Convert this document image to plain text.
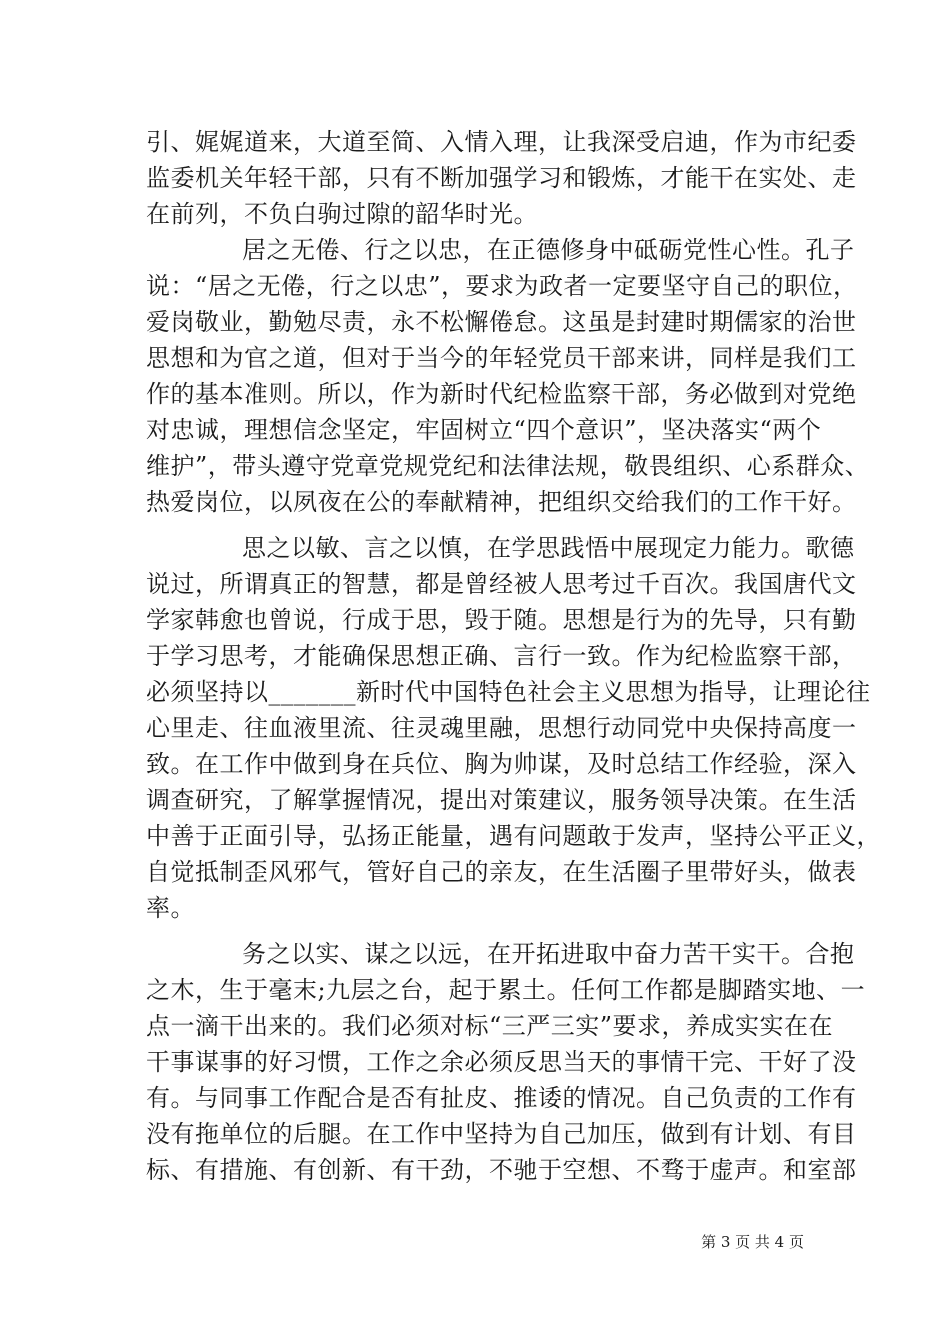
引、娓娓道来，大道至简、入情入理，让我深受启迪，作为市纪委
监委机关年轻干部，只有不断加强学习和锻炼，才能干在实处、走
在前列，不负白驹过隙的韶华时光。
居之无倦、行之以忠，在正德修身中砥砺党性心性。孔子
说：“居之无倦，行之以忠”，要求为政者一定要坚守自己的职位，
爱岗敬业，勤勉尽责，永不松懈倦怠。这虽是封建时期儒家的治世
思想和为官之道，但对于当今的年轻党员干部来讲，同样是我们工
作的基本准则。所以，作为新时代纪检监察干部，务必做到对党绝
对忠诚，理想信念坚定，牢固树立“四个意识”，坚决落实“两个
维护”，带头遵守党章党规党纪和法律法规，敬畏组织、心系群众、
热爱岗位，以夙夜在公的奉献精神，把组织交给我们的工作干好。
思之以敏、言之以慎，在学思践悟中展现定力能力。歌德
说过，所谓真正的智慧，都是曾经被人思考过千百次。我国唐代文
学家韩愈也曾说，行成于思，毁于随。思想是行为的先导，只有勤
于学习思考，才能确保思想正确、言行一致。作为纪检监察干部，
必须坚持以_______新时代中国特色社会主义思想为指导，让理论往
心里走、往血液里流、往灵魂里融，思想行动同党中央保持高度一
致。在工作中做到身在兵位、胸为帅谋，及时总结工作经验，深入
调查研究，了解掌握情况，提出对策建议，服务领导决策。在生活
中善于正面引导，弘扬正能量，遇有问题敢于发声，坚持公平正义，
自觉抵制歪风邪气，管好自己的亲友，在生活圈子里带好头，做表
率。
务之以实、谋之以远，在开拓进取中奋力苦干实干。合抱
之木，生于毫末;九层之台，起于累土。任何工作都是脚踏实地、一
点一滴干出来的。我们必须对标“三严三实”要求，养成实实在在
干事谋事的好习惯，工作之余必须反思当天的事情干完、干好了没
有。与同事工作配合是否有扯皮、推诿的情况。自己负责的工作有
没有拖单位的后腿。在工作中坚持为自己加压，做到有计划、有目
标、有措施、有创新、有干劲，不驰于空想、不骛于虚声。和室部
第 3 页 共 4 页
